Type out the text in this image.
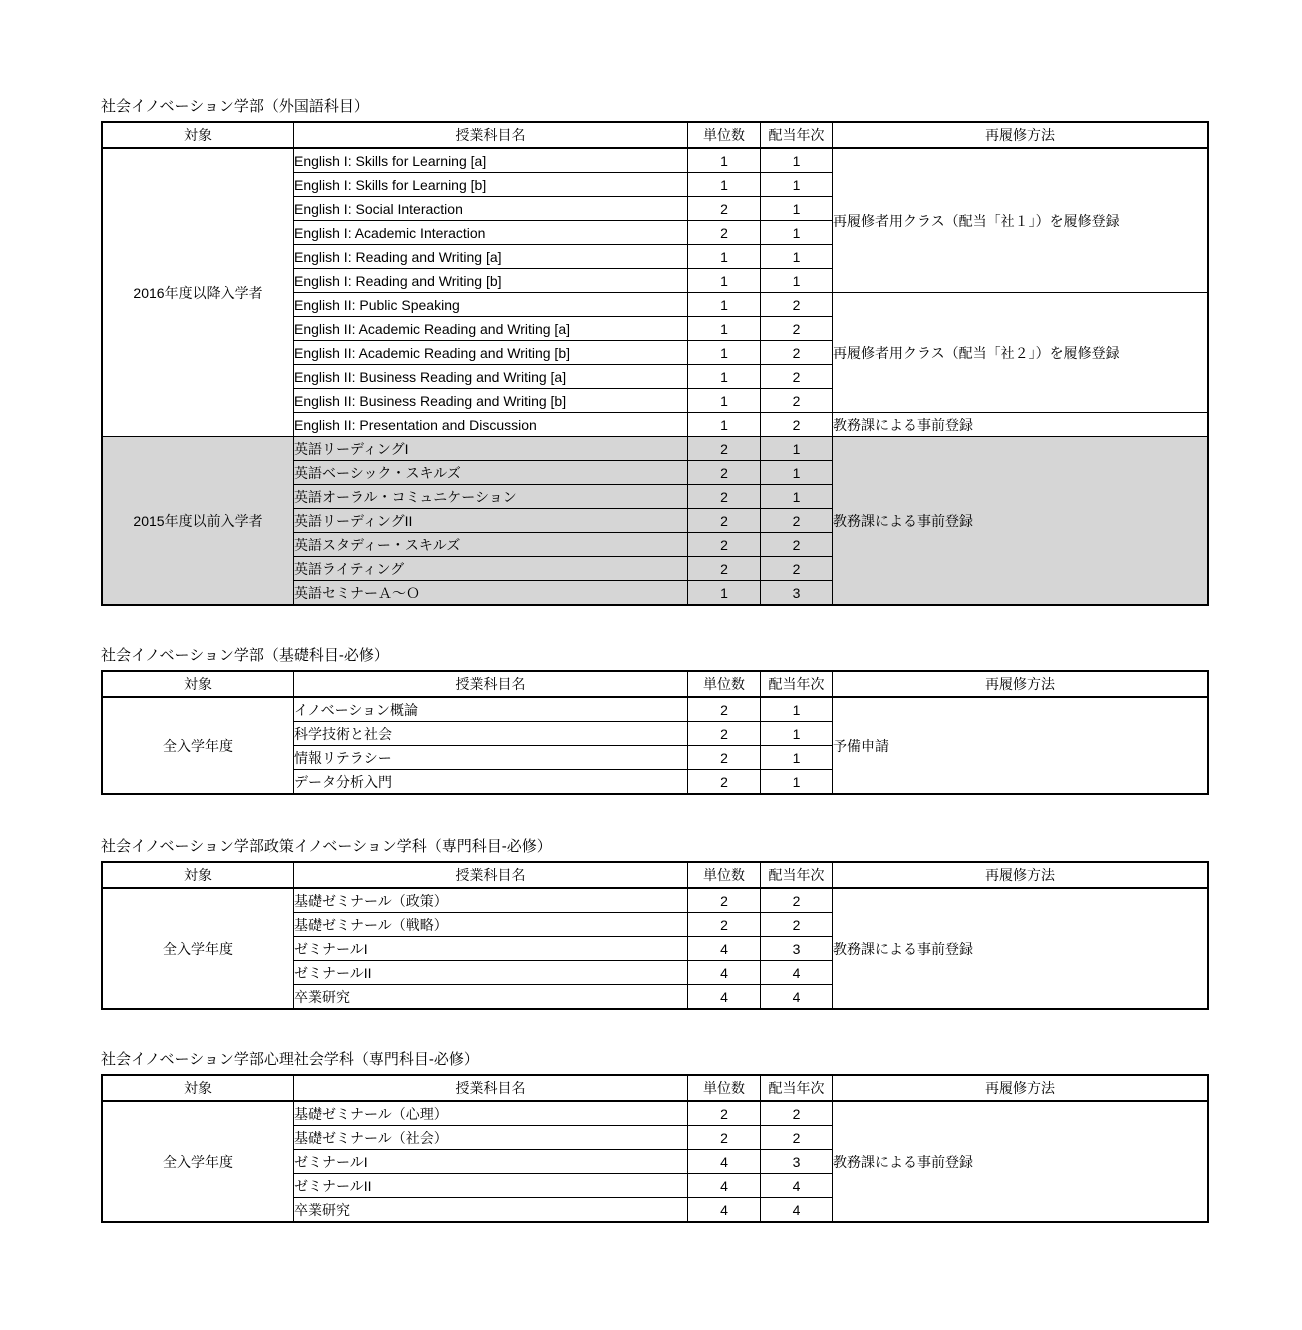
社会イノベーション学部（外国語科目）
対象	授業科目名	単位数	配当年次	再履修方法
2016年度以降入学者	English I: Skills for Learning [a]	1	1	再履修者用クラス（配当「社１」）を履修登録
	English I: Skills for Learning [b]	1	1	
	English I: Social Interaction	2	1	
	English I: Academic Interaction	2	1	
	English I: Reading and Writing [a]	1	1	
	English I: Reading and Writing [b]	1	1	
	English II: Public Speaking	1	2	再履修者用クラス（配当「社２」）を履修登録
	English II: Academic Reading and Writing [a]	1	2	
	English II: Academic Reading and Writing [b]	1	2	
	English II: Business Reading and Writing [a]	1	2	
	English II: Business Reading and Writing [b]	1	2	
	English II: Presentation and Discussion	1	2	教務課による事前登録
2015年度以前入学者	英語リーディングI	2	1	教務課による事前登録
	英語ベーシック・スキルズ	2	1	
	英語オーラル・コミュニケーション	2	1	
	英語リーディングII	2	2	
	英語スタディー・スキルズ	2	2	
	英語ライティング	2	2	
	英語セミナーＡ〜Ｏ	1	3	
社会イノベーション学部（基礎科目-必修）
対象	授業科目名	単位数	配当年次	再履修方法
全入学年度	イノベーション概論	2	1	予備申請
	科学技術と社会	2	1	
	情報リテラシー	2	1	
	データ分析入門	2	1	
社会イノベーション学部政策イノベーション学科（専門科目-必修）
対象	授業科目名	単位数	配当年次	再履修方法
全入学年度	基礎ゼミナール（政策）	2	2	教務課による事前登録
	基礎ゼミナール（戦略）	2	2	
	ゼミナールI	4	3	
	ゼミナールII	4	4	
	卒業研究	4	4	
社会イノベーション学部心理社会学科（専門科目-必修）
対象	授業科目名	単位数	配当年次	再履修方法
全入学年度	基礎ゼミナール（心理）	2	2	教務課による事前登録
	基礎ゼミナール（社会）	2	2	
	ゼミナールI	4	3	
	ゼミナールII	4	4	
	卒業研究	4	4	
